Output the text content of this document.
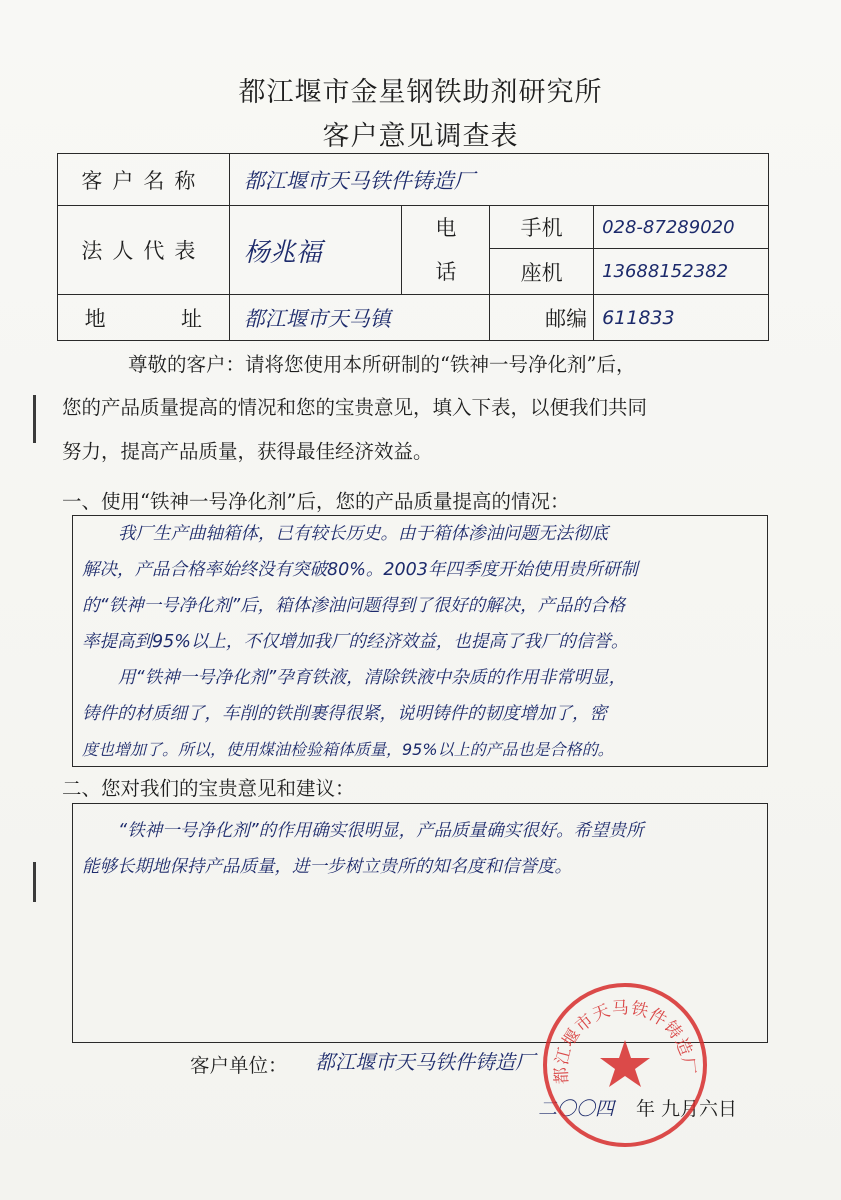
都江堰市金星钢铁助剂研究所
客户意见调查表
客户名称	都江堰市天马铁件铸造厂			
法人代表	杨兆福	电
话	手机	028-87289020
			座机	13688152382
地 址	都江堰市天马镇		邮编	611833
尊敬的客户：请将您使用本所研制的“铁神一号净化剂”后，
您的产品质量提高的情况和您的宝贵意见，填入下表，以便我们共同
努力，提高产品质量，获得最佳经济效益。
一、使用“铁神一号净化剂”后，您的产品质量提高的情况：
我厂生产曲轴箱体，已有较长历史。由于箱体渗油问题无法彻底
解决，产品合格率始终没有突破80%。2003年四季度开始使用贵所研制
的“铁神一号净化剂”后，箱体渗油问题得到了很好的解决，产品的合格
率提高到95%以上，不仅增加我厂的经济效益，也提高了我厂的信誉。
用“铁神一号净化剂”孕育铁液，清除铁液中杂质的作用非常明显，
铸件的材质细了，车削的铁削裹得很紧，说明铸件的韧度增加了，密
度也增加了。所以，使用煤油检验箱体质量，95%以上的产品也是合格的。
二、您对我们的宝贵意见和建议：
“铁神一号净化剂”的作用确实很明显，产品质量确实很好。希望贵所
能够长期地保持产品质量，进一步树立贵所的知名度和信誉度。
客户单位： 都江堰市天马铁件铸造厂
二〇〇四 年 九月六日
都江堰市天马铁件铸造厂
